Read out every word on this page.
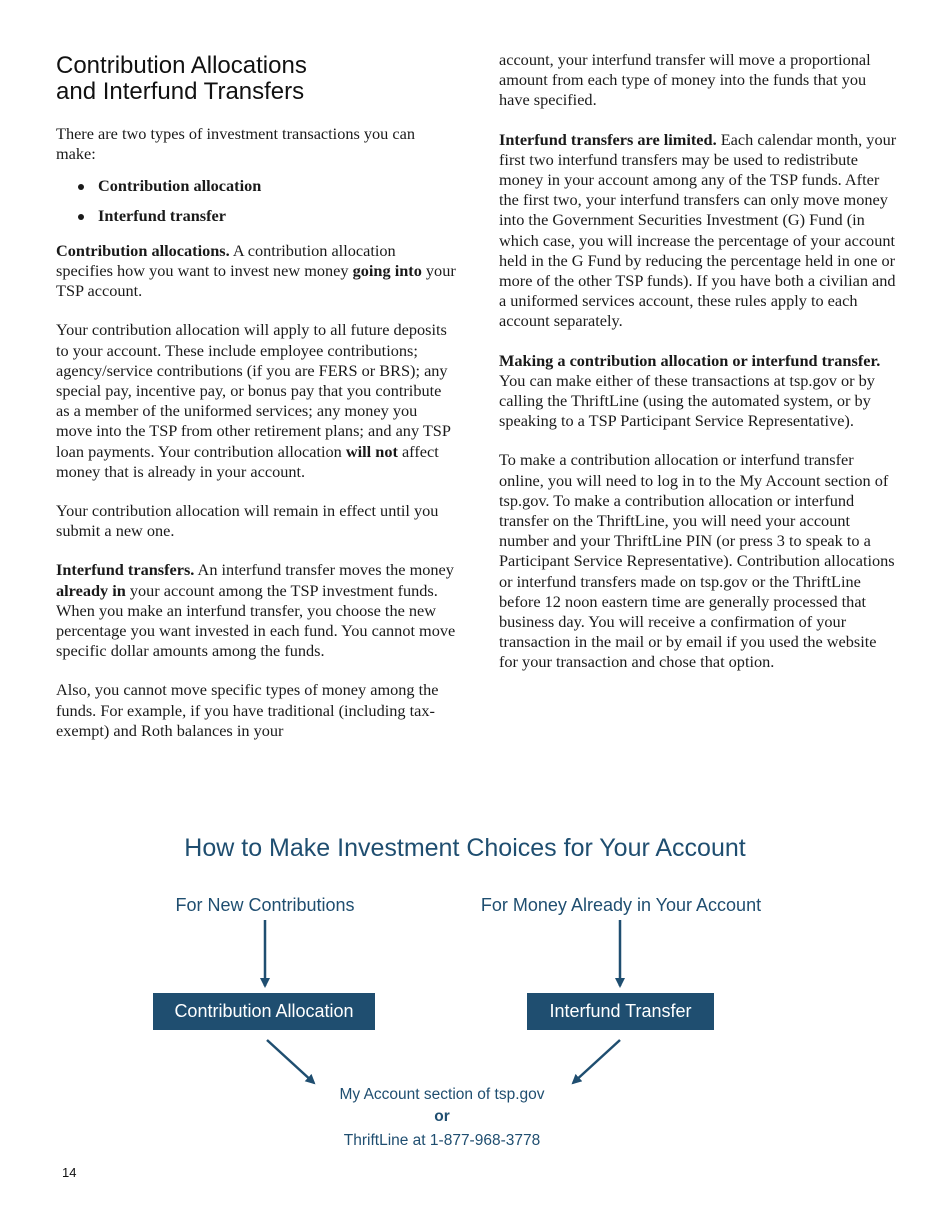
Contribution Allocations
and Interfund Transfers

There are two types of investment transactions you can make:

Contribution allocation
Interfund transfer

Contribution allocations. A contribution allocation specifies how you want to invest new money going into your TSP account.

Your contribution allocation will apply to all future deposits to your account. These include employee contributions; agency/service contributions (if you are FERS or BRS); any special pay, incentive pay, or bonus pay that you contribute as a member of the uniformed services; any money you move into the TSP from other retirement plans; and any TSP loan payments. Your contribution allocation will not affect money that is already in your account.

Your contribution allocation will remain in effect until you submit a new one.

Interfund transfers. An interfund transfer moves the money already in your account among the TSP investment funds. When you make an interfund transfer, you choose the new percentage you want invested in each fund. You cannot move specific dollar amounts among the funds.

Also, you cannot move specific types of money among the funds. For example, if you have traditional (including tax-exempt) and Roth balances in your

account, your interfund transfer will move a proportional amount from each type of money into the funds that you have specified.

Interfund transfers are limited. Each calendar month, your first two interfund transfers may be used to redistribute money in your account among any of the TSP funds. After the first two, your interfund transfers can only move money into the Government Securities Investment (G) Fund (in which case, you will increase the percentage of your account held in the G Fund by reducing the percentage held in one or more of the other TSP funds). If you have both a civilian and a uniformed services account, these rules apply to each account separately.

Making a contribution allocation or interfund transfer. You can make either of these transactions at tsp.gov or by calling the ThriftLine (using the automated system, or by speaking to a TSP Participant Service Representative).

To make a contribution allocation or interfund transfer online, you will need to log in to the My Account section of tsp.gov. To make a contribution allocation or interfund transfer on the ThriftLine, you will need your account number and your ThriftLine PIN (or press 3 to speak to a Participant Service Representative). Contribution allocations or interfund transfers made on tsp.gov or the ThriftLine before 12 noon eastern time are generally processed that business day. You will receive a confirmation of your transaction in the mail or by email if you used the website for your transaction and chose that option.

How to Make Investment Choices for Your Account
For New Contributions	For Money Already in Your Account
Contribution Allocation	Interfund Transfer
My Account section of tsp.gov
or
ThriftLine at 1-877-968-3778
14
